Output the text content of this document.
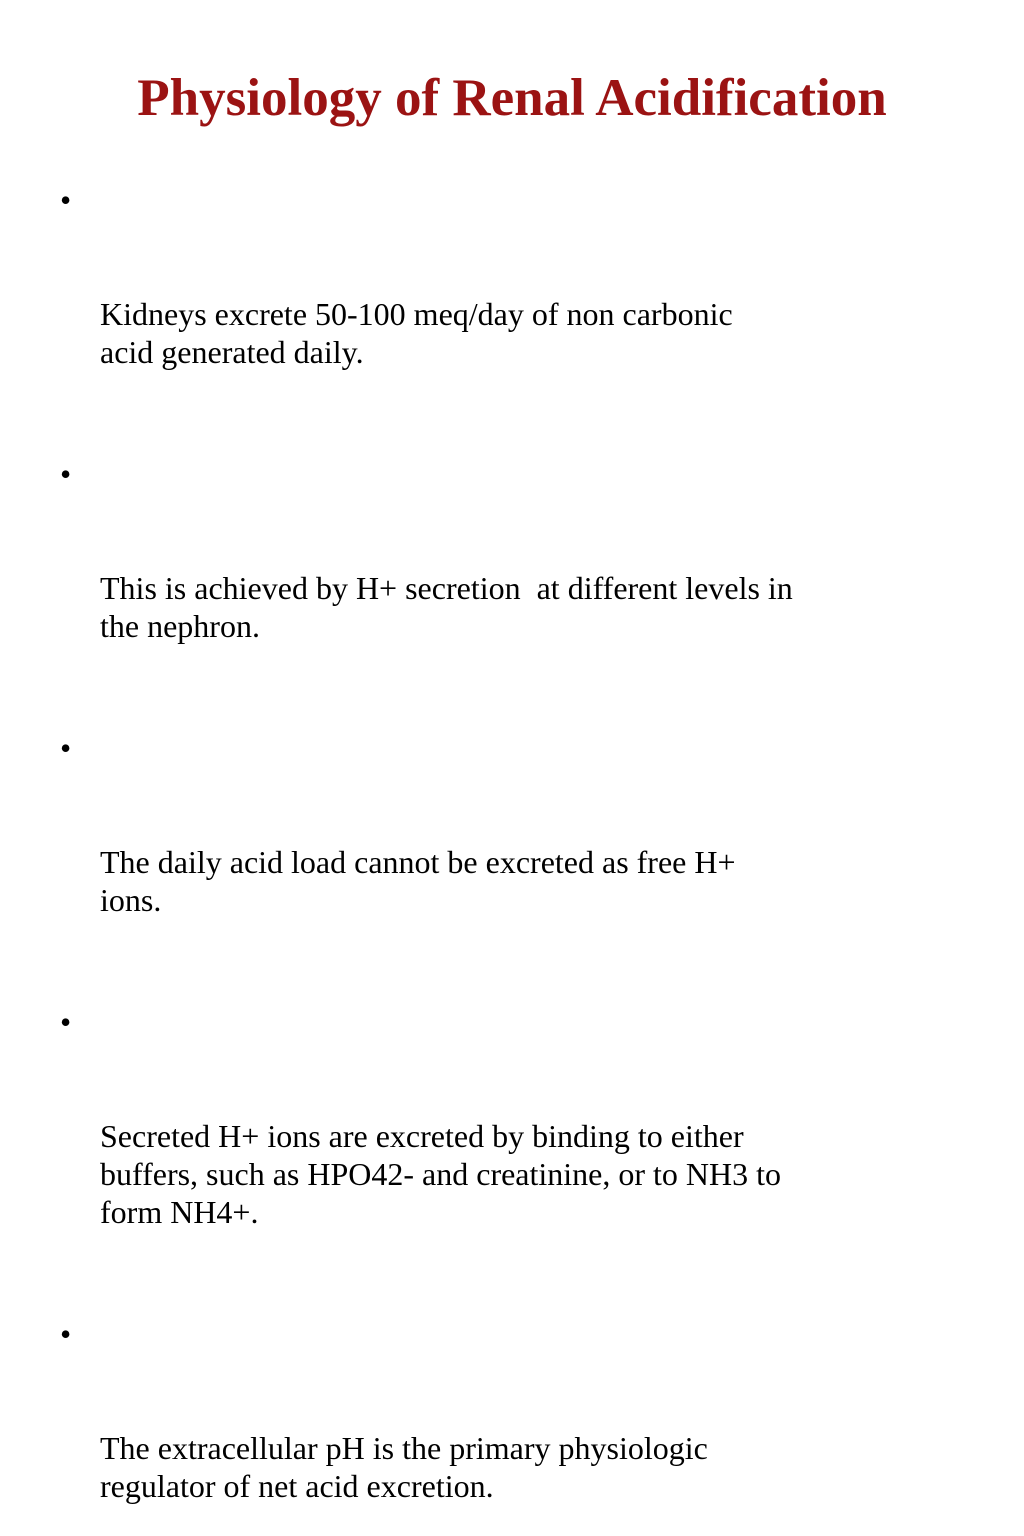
Physiology of Renal Acidification

•

Kidneys excrete 50-100 meq/day of non carbonic
acid generated daily.

•

This is achieved by H+ secretion  at different levels in
the nephron.

•

The daily acid load cannot be excreted as free H+
ions.

•

Secreted H+ ions are excreted by binding to either
buffers, such as HPO42- and creatinine, or to NH3 to
form NH4+.

•

The extracellular pH is the primary physiologic
regulator of net acid excretion.
